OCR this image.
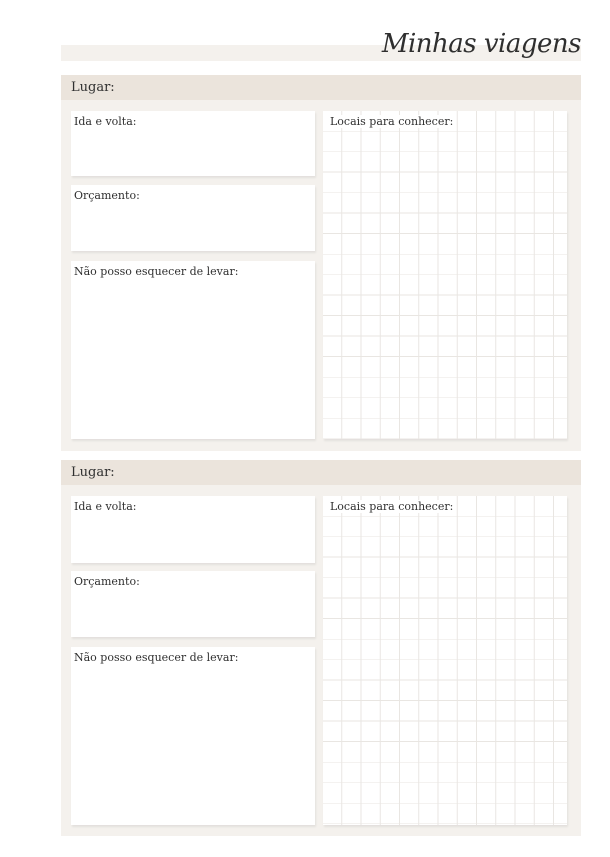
Minhas viagens
Lugar:
Ida e volta:
Orçamento:
Não posso esquecer de levar:
Locais para conhecer:
Lugar:
Ida e volta:
Orçamento:
Não posso esquecer de levar:
Locais para conhecer:
